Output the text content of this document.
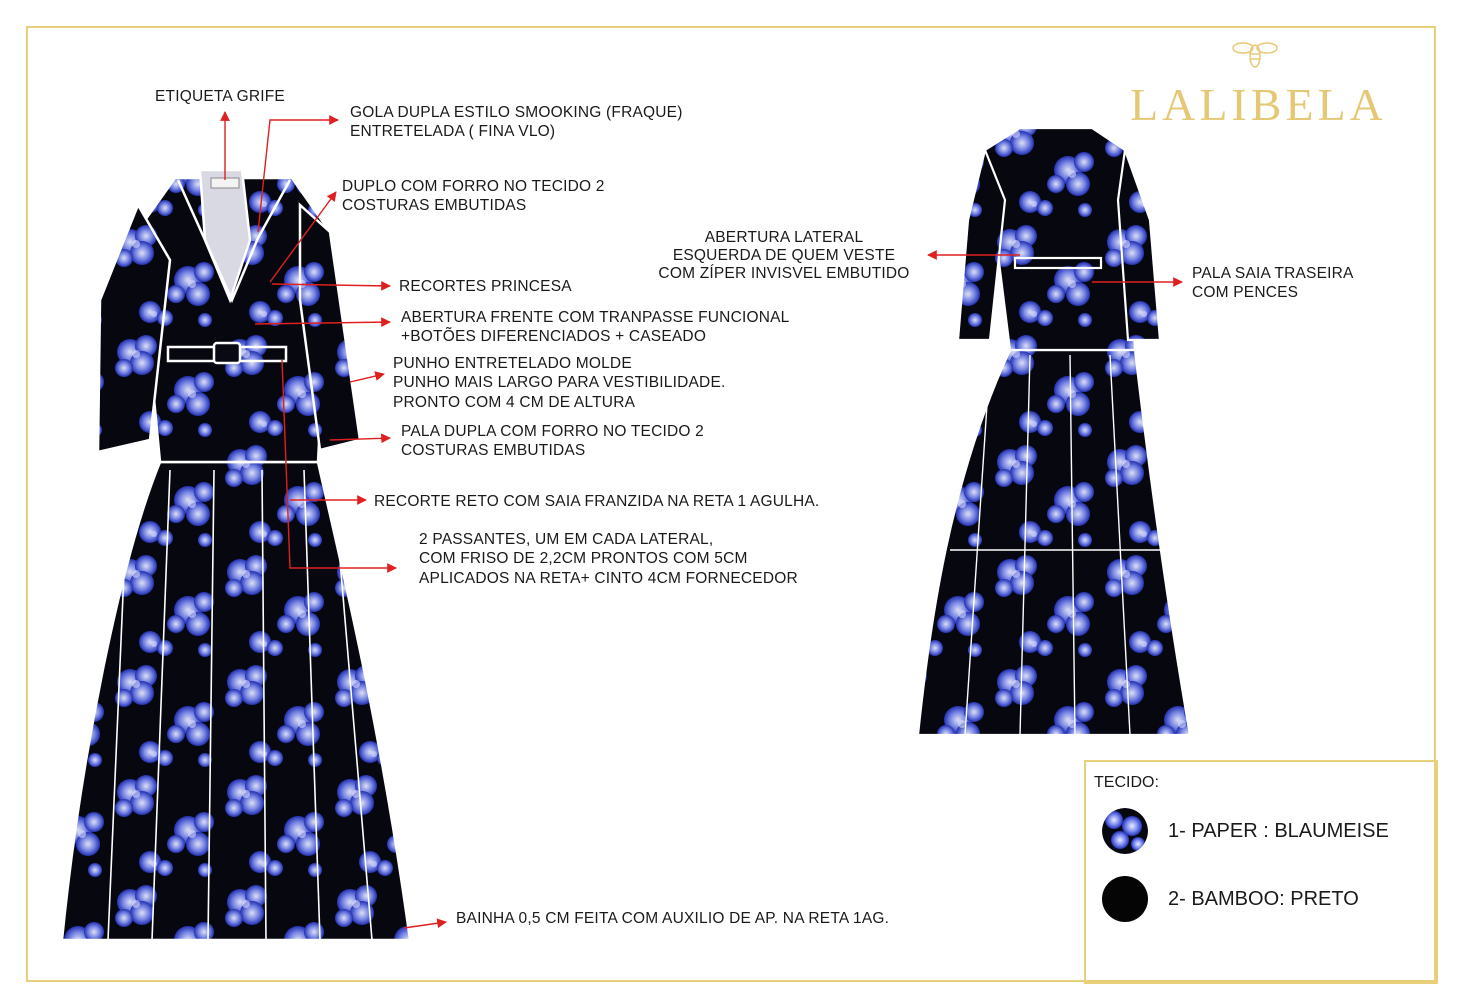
LALIBELA
ETIQUETA GRIFE
GOLA DUPLA ESTILO SMOOKING (FRAQUE)
ENTRETELADA ( FINA VLO)
DUPLO COM FORRO NO TECIDO 2
COSTURAS EMBUTIDAS
RECORTES PRINCESA
ABERTURA FRENTE COM TRANPASSE FUNCIONAL
+BOTÕES DIFERENCIADOS + CASEADO
PUNHO ENTRETELADO MOLDE
PUNHO MAIS LARGO PARA VESTIBILIDADE.
PRONTO COM 4 CM DE ALTURA
PALA DUPLA COM FORRO NO TECIDO 2
COSTURAS EMBUTIDAS
RECORTE RETO COM SAIA FRANZIDA NA RETA 1 AGULHA.
2 PASSANTES, UM EM CADA LATERAL,
COM FRISO DE 2,2CM PRONTOS COM 5CM
APLICADOS NA RETA+ CINTO 4CM FORNECEDOR
BAINHA 0,5 CM FEITA COM AUXILIO DE AP. NA RETA 1AG.
ABERTURA LATERAL
ESQUERDA DE QUEM VESTE
COM ZÍPER INVISVEL EMBUTIDO	PALA SAIA TRASEIRA
COM PENCES
TECIDO:
1- PAPER : BLAUMEISE
2- BAMBOO: PRETO
